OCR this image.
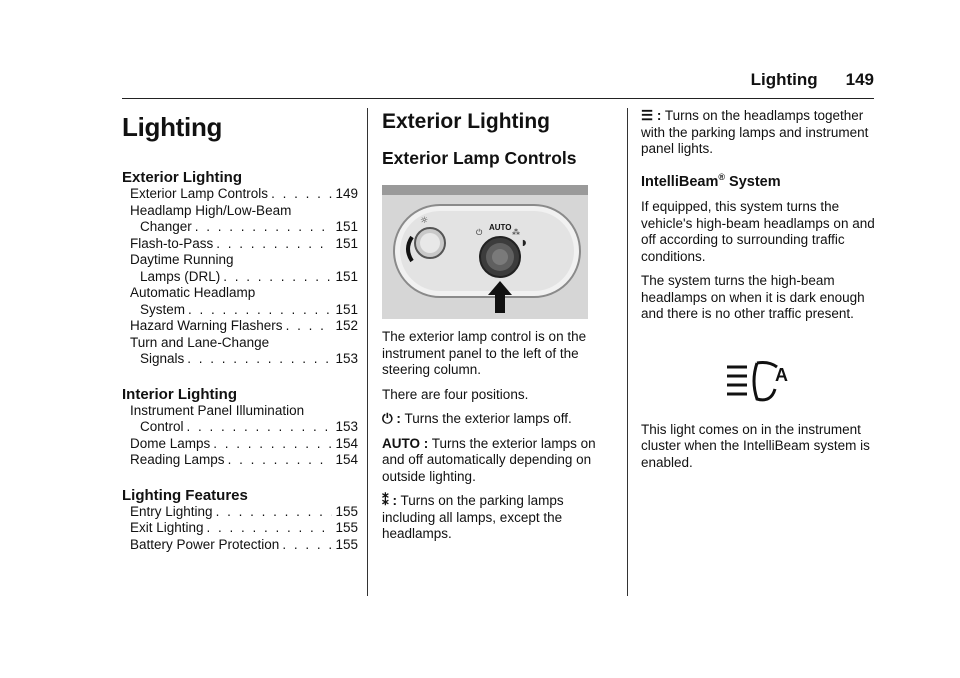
Lighting 149
Lighting
Exterior Lighting
Exterior Lamp Controls . . .	149
Headlamp High/Low-Beam
Changer . . .	151
Flash-to-Pass . . .	151
Daytime Running
Lamps (DRL) . . .	151
Automatic Headlamp
System . . .	151
Hazard Warning Flashers . . .	152
Turn and Lane-Change
Signals . . .	153
Interior Lighting
Instrument Panel Illumination
Control . . .	153
Dome Lamps . . .	154
Reading Lamps . . .	154
Lighting Features
Entry Lighting . . .	155
Exit Lighting . . .	155
Battery Power Protection . . .	155
Exterior Lighting
Exterior Lamp Controls
☼
⏻
AUTO
⁂
◗

The exterior lamp control is on the instrument panel to the left of the steering column.

There are four positions.

⏻ : Turns the exterior lamps off.

AUTO : Turns the exterior lamps on and off automatically depending on outside lighting.

⁑ : Turns on the parking lamps including all lamps, except the headlamps.

☰ : Turns on the headlamps together with the parking lamps and instrument panel lights.

IntelliBeam® System

If equipped, this system turns the vehicle's high-beam headlamps on and off according to surrounding traffic conditions.

The system turns the high-beam headlamps on when it is dark enough and there is no other traffic present.

A

This light comes on in the instrument cluster when the IntelliBeam system is enabled.
